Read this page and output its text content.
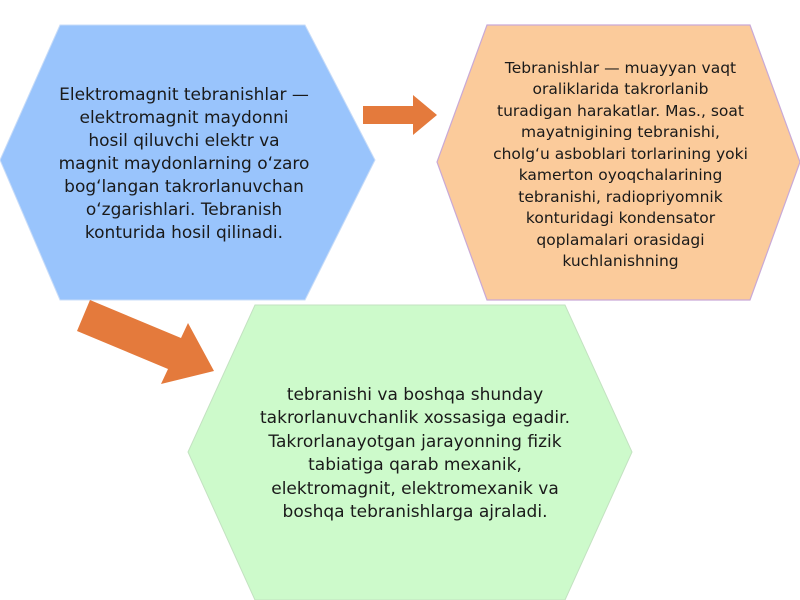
Elektromagnit tebranishlar — elektromagnit maydonni hosil qiluvchi elektr va magnit maydonlarning oʻzaro bogʻlangan takrorlanuvchan oʻzgarishlari. Tebranish konturida hosil qilinadi.
Tebranishlar — muayyan vaqt oraliklarida takrorlanib turadigan harakatlar. Mas., soat mayatnigining tebranishi, cholgʻu asboblari torlarining yoki kamerton oyoqchalarining tebranishi, radiopriyomnik konturidagi kondensator qoplamalari orasidagi kuchlanishning
tebranishi va boshqa shunday takrorlanuvchanlik xossasiga egadir. Takrorlanayotgan jarayonning fizik tabiatiga qarab mexanik, elektromagnit, elektromexanik va boshqa tebranishlarga ajraladi.
